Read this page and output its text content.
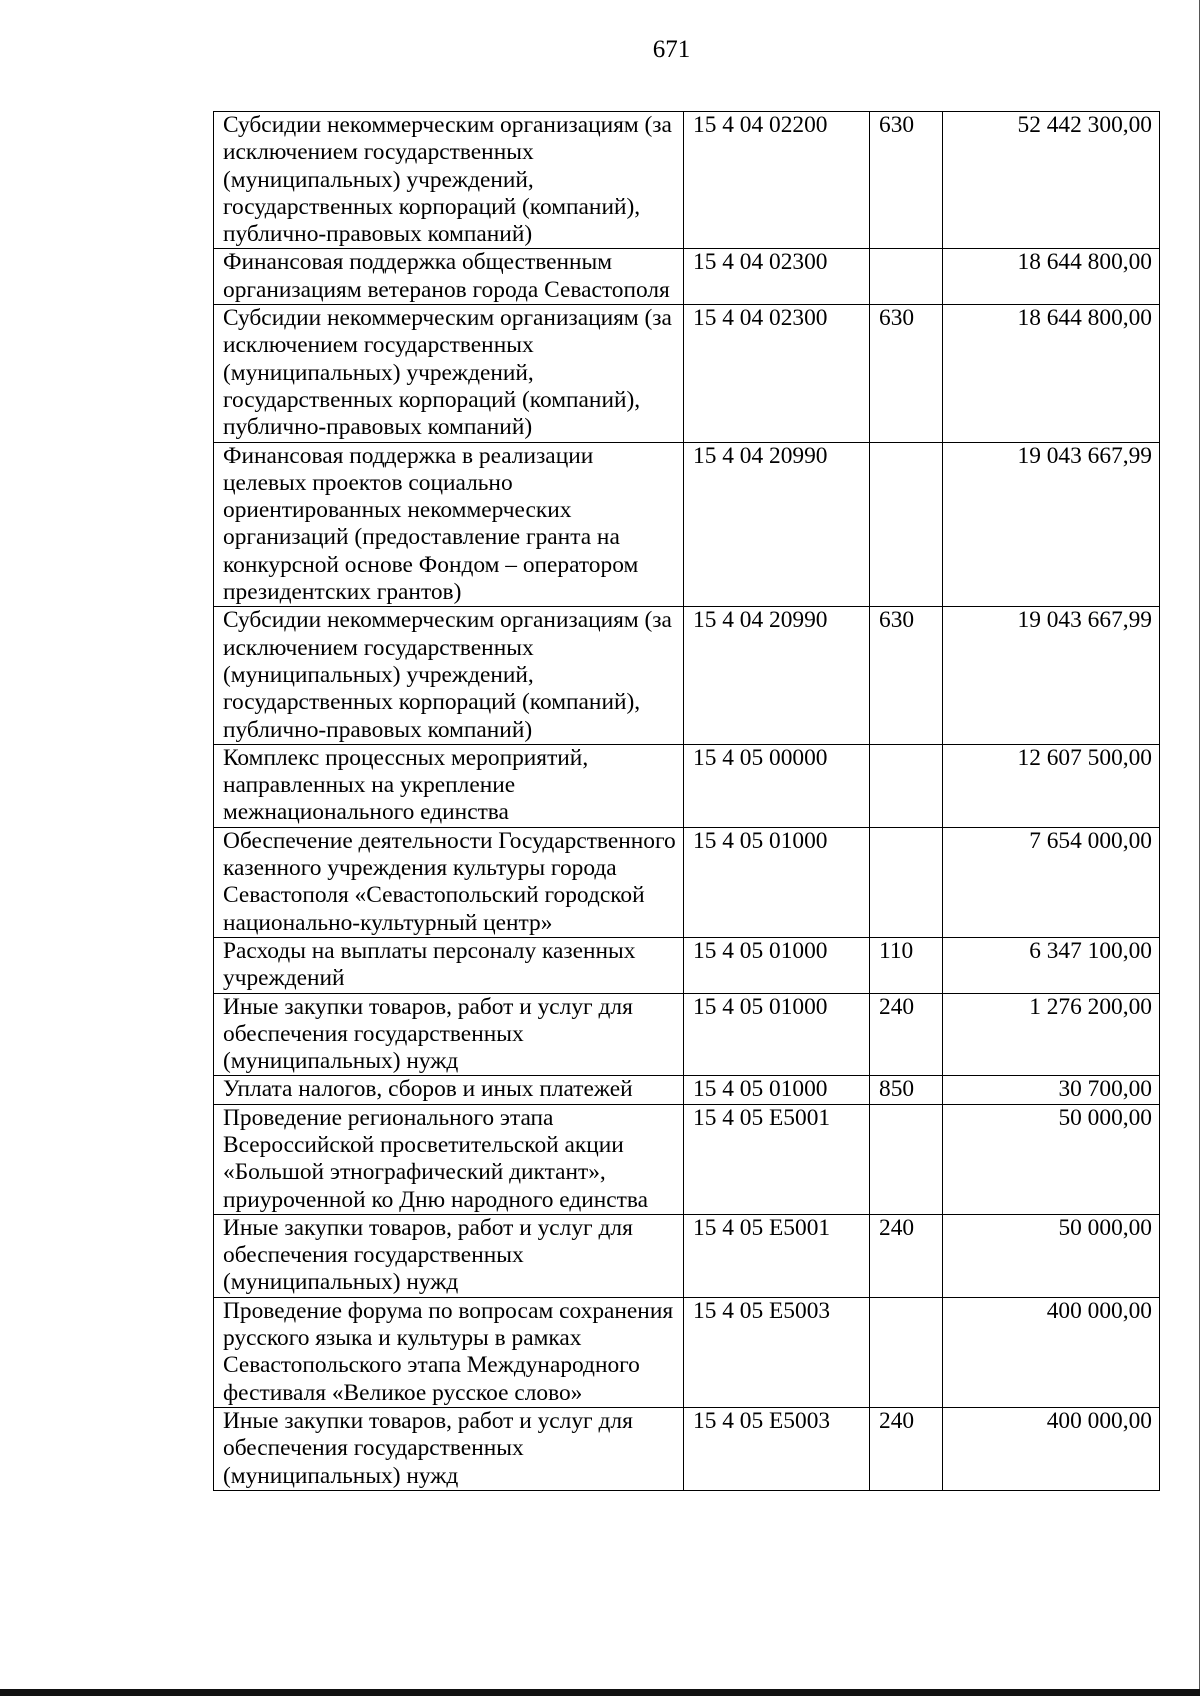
671
Субсидии некоммерческим организациям (за исключением государственных (муниципальных) учреждений, государственных корпораций (компаний), публично-правовых компаний)	15 4 04 02200	630	52 442 300,00
Финансовая поддержка общественным организациям ветеранов города Севастополя	15 4 04 02300		18 644 800,00
Субсидии некоммерческим организациям (за исключением государственных (муниципальных) учреждений, государственных корпораций (компаний), публично-правовых компаний)	15 4 04 02300	630	18 644 800,00
Финансовая поддержка в реализации целевых проектов социально ориентированных некоммерческих организаций (предоставление гранта на конкурсной основе Фондом – оператором президентских грантов)	15 4 04 20990		19 043 667,99
Субсидии некоммерческим организациям (за исключением государственных (муниципальных) учреждений, государственных корпораций (компаний), публично-правовых компаний)	15 4 04 20990	630	19 043 667,99
Комплекс процессных мероприятий, направленных на укрепление межнационального единства	15 4 05 00000		12 607 500,00
Обеспечение деятельности Государственного казенного учреждения культуры города Севастополя «Севастопольский городской национально-культурный центр»	15 4 05 01000		7 654 000,00
Расходы на выплаты персоналу казенных учреждений	15 4 05 01000	110	6 347 100,00
Иные закупки товаров, работ и услуг для обеспечения государственных (муниципальных) нужд	15 4 05 01000	240	1 276 200,00
Уплата налогов, сборов и иных платежей	15 4 05 01000	850	30 700,00
Проведение регионального этапа Всероссийской просветительской акции «Большой этнографический диктант», приуроченной ко Дню народного единства	15 4 05 Е5001		50 000,00
Иные закупки товаров, работ и услуг для обеспечения государственных (муниципальных) нужд	15 4 05 Е5001	240	50 000,00
Проведение форума по вопросам сохранения русского языка и культуры в рамках Севастопольского этапа Международного фестиваля «Великое русское слово»	15 4 05 Е5003		400 000,00
Иные закупки товаров, работ и услуг для обеспечения государственных (муниципальных) нужд	15 4 05 Е5003	240	400 000,00
